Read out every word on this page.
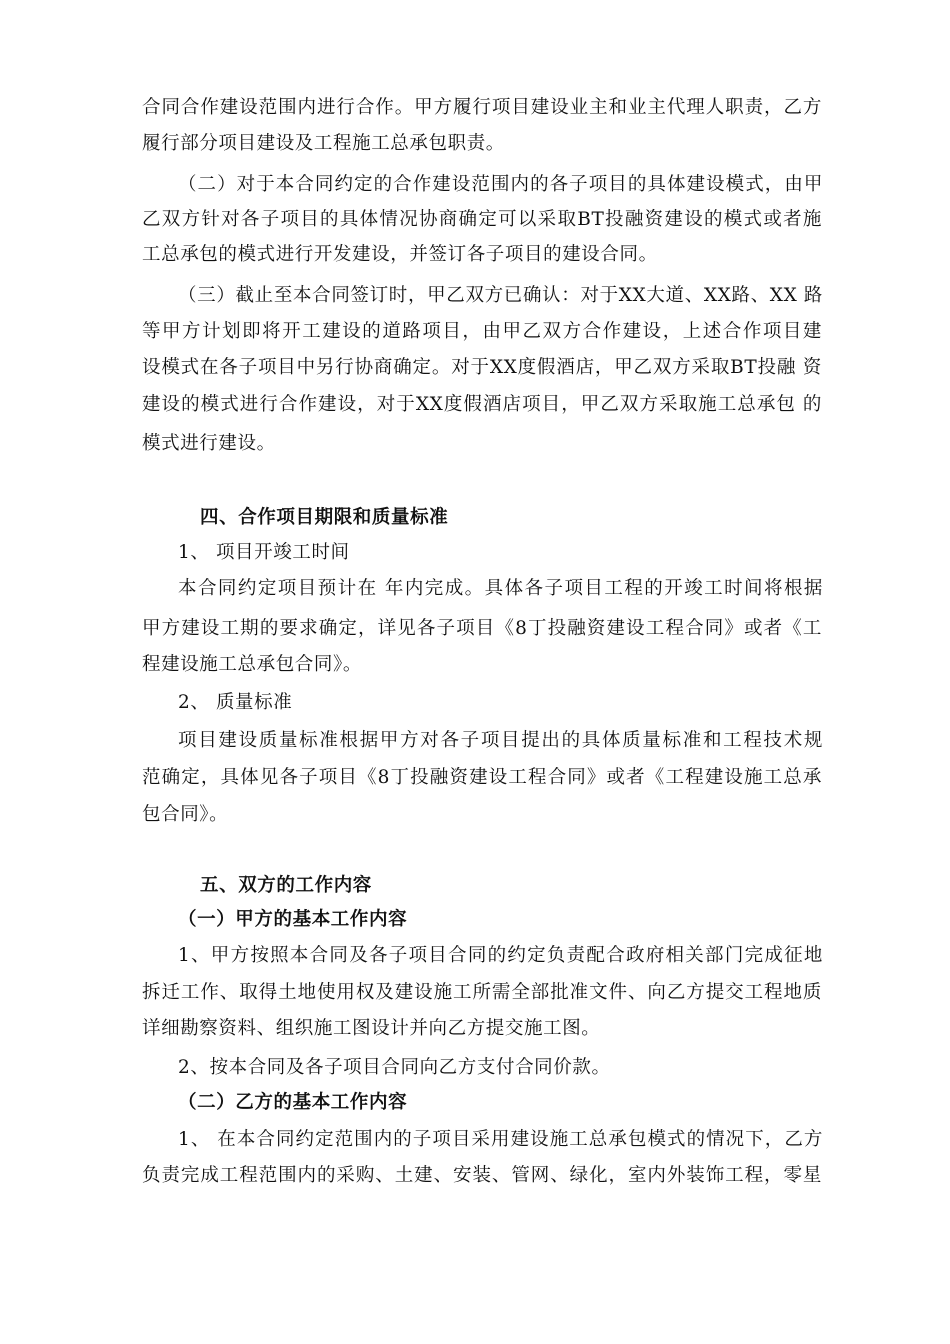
合同合作建设范围内进行合作。甲方履行项目建设业主和业主代理人职责，乙方
履行部分项目建设及工程施工总承包职责。
（二）对于本合同约定的合作建设范围内的各子项目的具体建设模式，由甲
乙双方针对各子项目的具体情况协商确定可以采取BT投融资建设的模式或者施
工总承包的模式进行开发建设，并签订各子项目的建设合同。
（三）截止至本合同签订时，甲乙双方已确认：对于XX大道、XX路、XX 路
等甲方计划即将开工建设的道路项目，由甲乙双方合作建设，上述合作项目建
设模式在各子项目中另行协商确定。对于XX度假酒店，甲乙双方采取BT投融 资
建设的模式进行合作建设，对于XX度假酒店项目，甲乙双方采取施工总承包 的
模式进行建设。
四、合作项目期限和质量标准
1、 项目开竣工时间
本合同约定项目预计在 年内完成。具体各子项目工程的开竣工时间将根据
甲方建设工期的要求确定，详见各子项目《8丁投融资建设工程合同》或者《工
程建设施工总承包合同》。
2、 质量标准
项目建设质量标准根据甲方对各子项目提出的具体质量标准和工程技术规
范确定，具体见各子项目《8丁投融资建设工程合同》或者《工程建设施工总承
包合同》。
五、双方的工作内容
（一）甲方的基本工作内容
1、甲方按照本合同及各子项目合同的约定负责配合政府相关部门完成征地
拆迁工作、取得土地使用权及建设施工所需全部批准文件、向乙方提交工程地质
详细勘察资料、组织施工图设计并向乙方提交施工图。
2、按本合同及各子项目合同向乙方支付合同价款。
（二）乙方的基本工作内容
1、 在本合同约定范围内的子项目采用建设施工总承包模式的情况下，乙方
负责完成工程范围内的采购、土建、安装、管网、绿化，室内外装饰工程，零星
